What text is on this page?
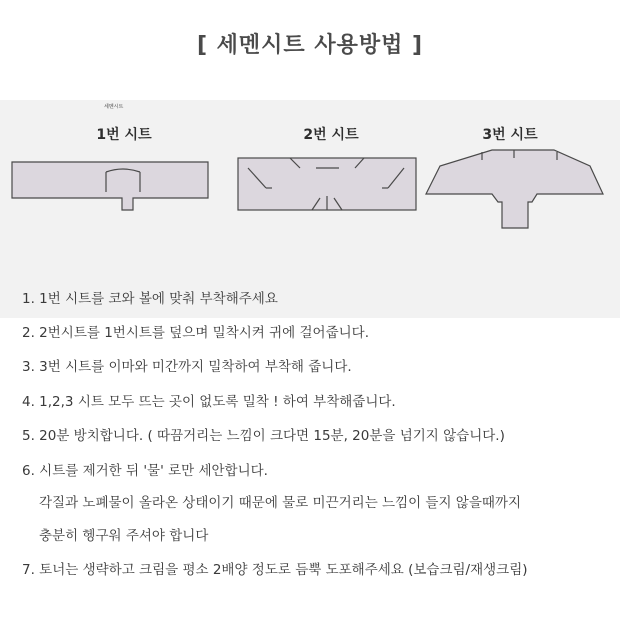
[ 세멘시트 사용방법 ]
세멘시트
1번 시트	2번 시트	3번 시트
1. 1번 시트를 코와 볼에 맞춰 부착해주세요
2. 2번시트를 1번시트를 덮으며 밀착시켜 귀에 걸어줍니다.
3. 3번 시트를 이마와 미간까지 밀착하여 부착해 줍니다.
4. 1,2,3 시트 모두 뜨는 곳이 없도록 밀착 ! 하여 부착해줍니다.
5. 20분 방치합니다. ( 따끔거리는 느낌이 크다면 15분, 20분을 넘기지 않습니다.)
6. 시트를 제거한 뒤 '물' 로만 세안합니다.
각질과 노폐물이 올라온 상태이기 때문에 물로 미끈거리는 느낌이 들지 않을때까지
충분히 헹구워 주셔야 합니다
7. 토너는 생략하고 크림을 평소 2배양 정도로 듬뿍 도포해주세요 (보습크림/재생크림)
